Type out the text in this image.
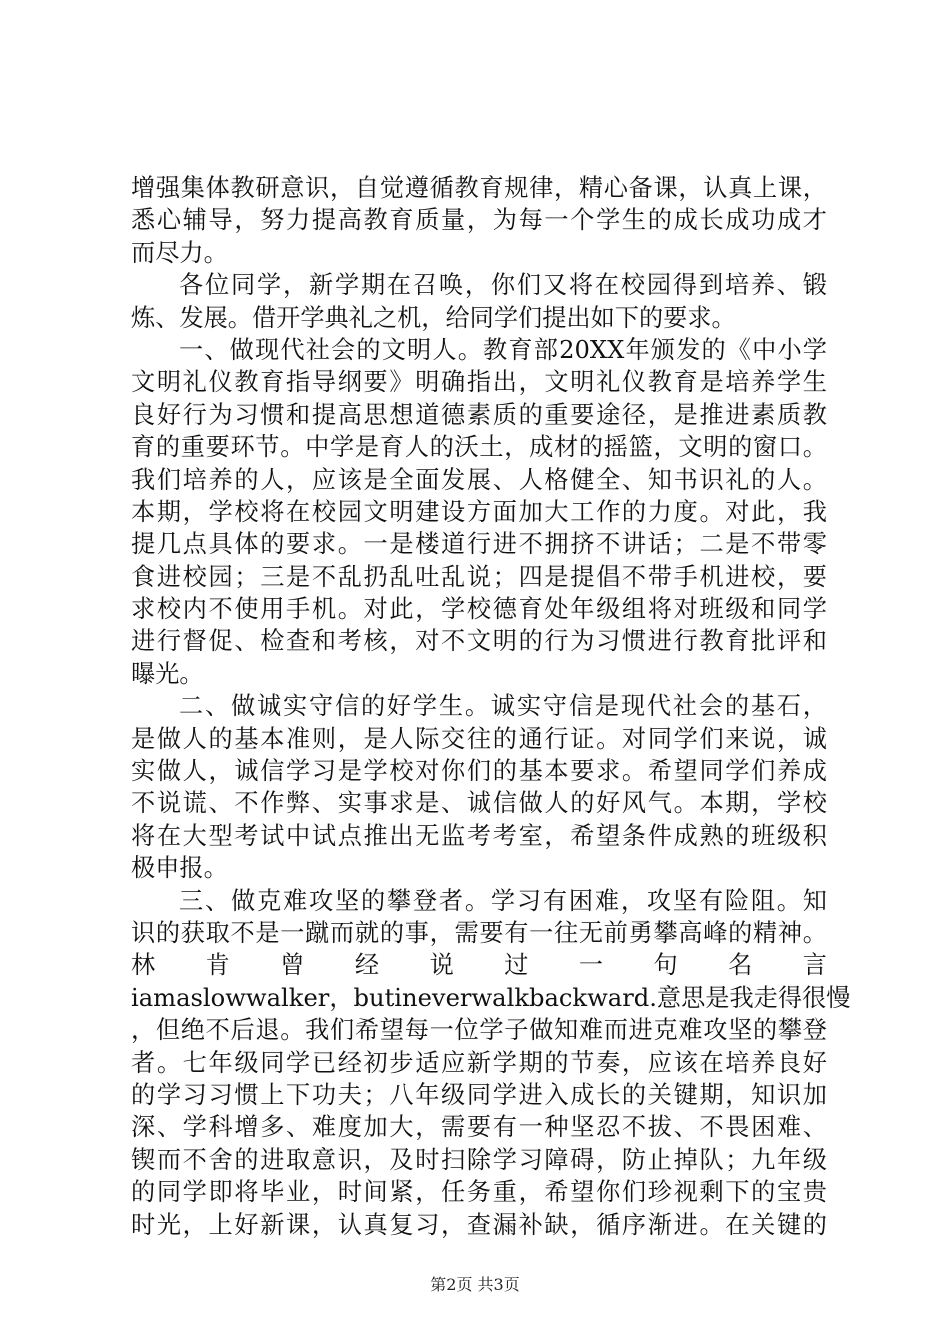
增强集体教研意识，自觉遵循教育规律，精心备课，认真上课，
悉心辅导，努力提高教育质量，为每一个学生的成长成功成才
而尽力。
各位同学，新学期在召唤，你们又将在校园得到培养、锻
炼、发展。借开学典礼之机，给同学们提出如下的要求。
一、做现代社会的文明人。教育部20XX年颁发的《中小学
文明礼仪教育指导纲要》明确指出，文明礼仪教育是培养学生
良好行为习惯和提高思想道德素质的重要途径，是推进素质教
育的重要环节。中学是育人的沃土，成材的摇篮，文明的窗口。
我们培养的人，应该是全面发展、人格健全、知书识礼的人。
本期，学校将在校园文明建设方面加大工作的力度。对此，我
提几点具体的要求。一是楼道行进不拥挤不讲话；二是不带零
食进校园；三是不乱扔乱吐乱说；四是提倡不带手机进校，要
求校内不使用手机。对此，学校德育处年级组将对班级和同学
进行督促、检查和考核，对不文明的行为习惯进行教育批评和
曝光。
二、做诚实守信的好学生。诚实守信是现代社会的基石，
是做人的基本准则，是人际交往的通行证。对同学们来说，诚
实做人，诚信学习是学校对你们的基本要求。希望同学们养成
不说谎、不作弊、实事求是、诚信做人的好风气。本期，学校
将在大型考试中试点推出无监考考室，希望条件成熟的班级积
极申报。
三、做克难攻坚的攀登者。学习有困难，攻坚有险阻。知
识的获取不是一蹴而就的事，需要有一往无前勇攀高峰的精神。
林 肯 曾 经 说 过 一 句 名 言
iamaslowwalker，butineverwalkbackward.意思是我走得很慢
，但绝不后退。我们希望每一位学子做知难而进克难攻坚的攀登
者。七年级同学已经初步适应新学期的节奏，应该在培养良好
的学习习惯上下功夫；八年级同学进入成长的关键期，知识加
深、学科增多、难度加大，需要有一种坚忍不拔、不畏困难、
锲而不舍的进取意识，及时扫除学习障碍，防止掉队；九年级
的同学即将毕业，时间紧，任务重，希望你们珍视剩下的宝贵
时光，上好新课，认真复习，查漏补缺，循序渐进。在关键的
第2页 共3页
